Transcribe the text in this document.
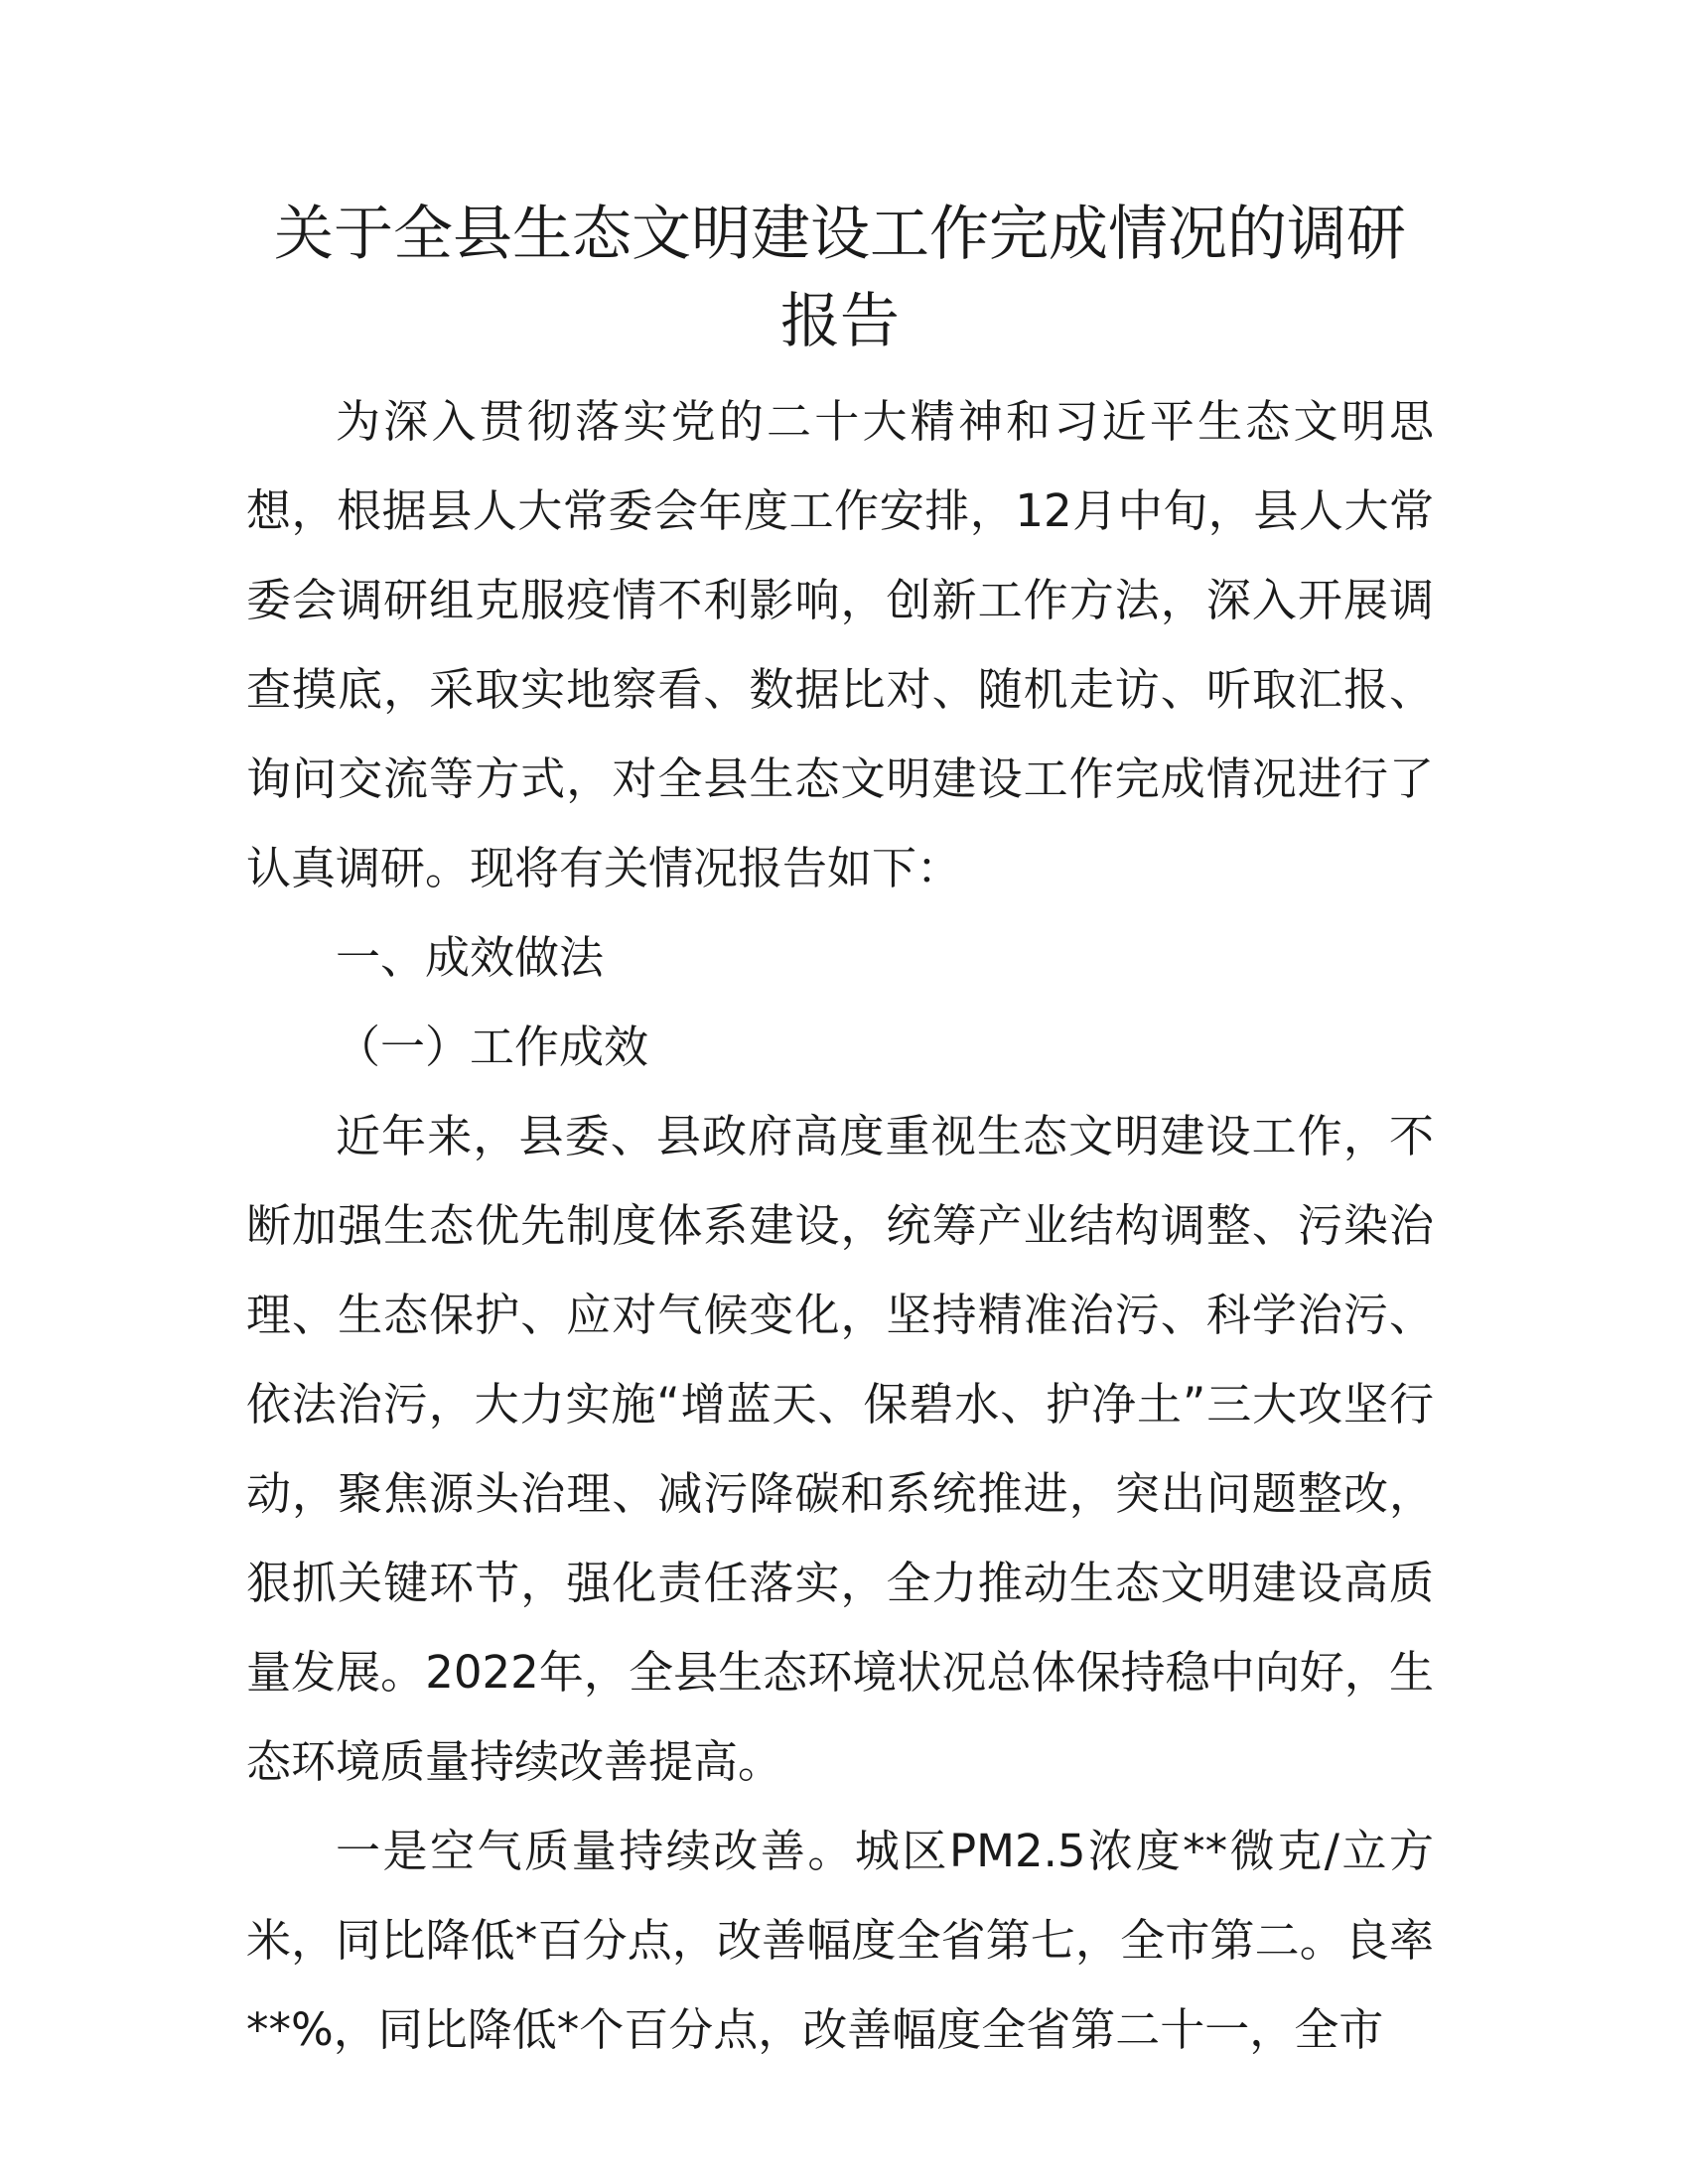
关于全县生态文明建设工作完成情况的调研报告

为深入贯彻落实党的二十大精神和习近平生态文明思想，根据县人大常委会年度工作安排，12月中旬，县人大常委会调研组克服疫情不利影响，创新工作方法，深入开展调查摸底，采取实地察看、数据比对、随机走访、听取汇报、询问交流等方式，对全县生态文明建设工作完成情况进行了认真调研。现将有关情况报告如下：

一、成效做法

（一）工作成效

近年来，县委、县政府高度重视生态文明建设工作，不断加强生态优先制度体系建设，统筹产业结构调整、污染治理、生态保护、应对气候变化，坚持精准治污、科学治污、依法治污，大力实施“增蓝天、保碧水、护净土”三大攻坚行动，聚焦源头治理、减污降碳和系统推进，突出问题整改，狠抓关键环节，强化责任落实，全力推动生态文明建设高质量发展。2022年，全县生态环境状况总体保持稳中向好，生态环境质量持续改善提高。

一是空气质量持续改善。城区PM2.5浓度**微克/立方米，同比降低*百分点，改善幅度全省第七，全市第二。良率**%，同比降低*个百分点，改善幅度全省第二十一，全市
